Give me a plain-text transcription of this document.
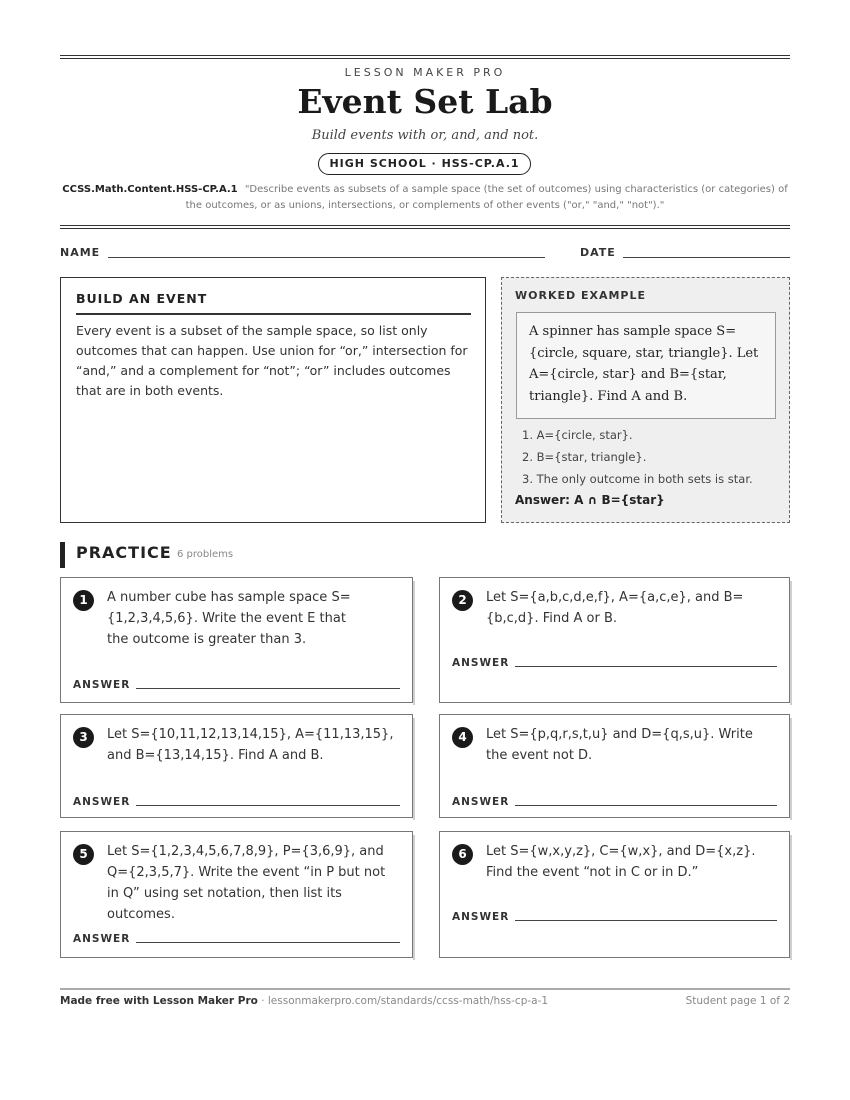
LESSON MAKER PRO
Event Set Lab
Build events with or, and, and not.
HIGH SCHOOL · HSS-CP.A.1
CCSS.Math.Content.HSS-CP.A.1 "Describe events as subsets of a sample space (the set of outcomes) using characteristics (or categories) of the outcomes, or as unions, intersections, or complements of other events ("or," "and," "not")."
NAME	DATE
BUILD AN EVENT
Every event is a subset of the sample space, so list only outcomes that can happen. Use union for “or,” intersection for “and,” and a complement for “not”; “or” includes outcomes that are in both events.
WORKED EXAMPLE
A spinner has sample space S={circle, square, star, triangle}. Let A={circle, star} and B={star, triangle}. Find A and B.
1. A={circle, star}.
2. B={star, triangle}.
3. The only outcome in both sets is star.
Answer: A ∩ B={star}
PRACTICE 6 problems
1	A number cube has sample space S={1,2,3,4,5,6}. Write the event E that the outcome is greater than 3.
ANSWER
2	Let S={a,b,c,d,e,f}, A={a,c,e}, and B={b,c,d}. Find A or B.
ANSWER
3	Let S={10,11,12,13,14,15}, A={11,13,15}, and B={13,14,15}. Find A and B.
ANSWER
4	Let S={p,q,r,s,t,u} and D={q,s,u}. Write the event not D.
ANSWER
5	Let S={1,2,3,4,5,6,7,8,9}, P={3,6,9}, and Q={2,3,5,7}. Write the event “in P but not in Q” using set notation, then list its outcomes.
ANSWER
6	Let S={w,x,y,z}, C={w,x}, and D={x,z}. Find the event “not in C or in D.”
ANSWER
Made free with Lesson Maker Pro · lessonmakerpro.com/standards/ccss-math/hss-cp-a-1	Student page 1 of 2
